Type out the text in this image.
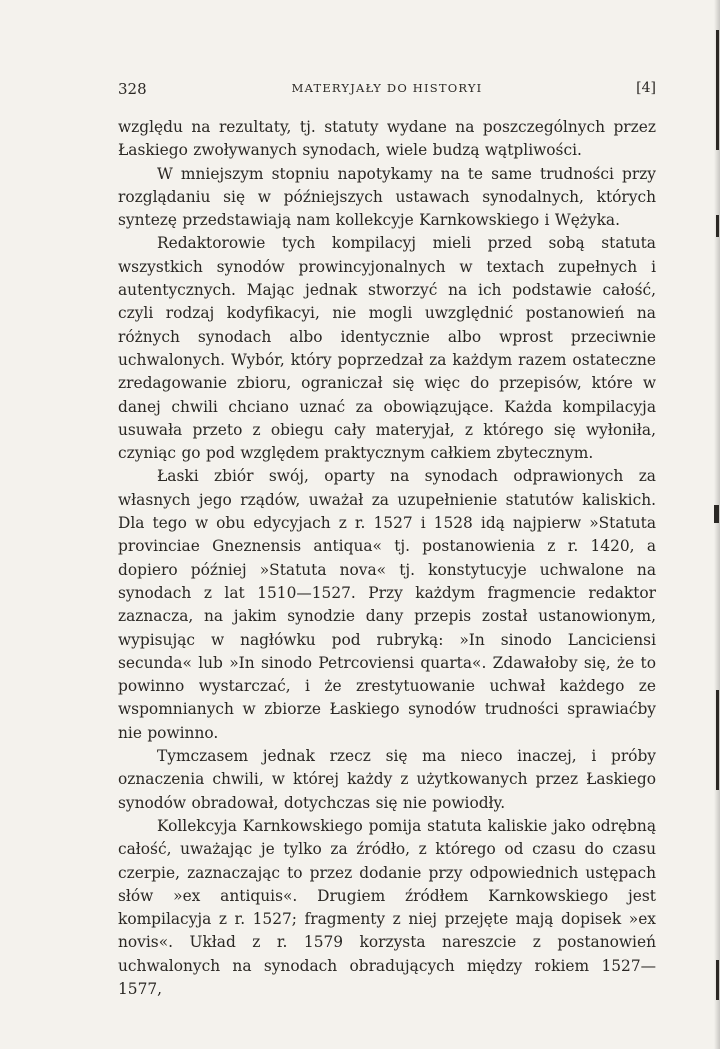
328	MATERYJAŁY DO HISTORYI	[4]

względu na rezultaty, tj. statuty wydane na poszczególnych przez Łaskiego zwoływanych synodach, wiele budzą wątpliwości.

W mniejszym stopniu napotykamy na te same trudności przy rozglądaniu się w późniejszych ustawach synodalnych, których syntezę przedstawiają nam kollekcyje Karnkowskiego i Wężyka.

Redaktorowie tych kompilacyj mieli przed sobą statuta wszystkich synodów prowincyjonalnych w textach zupełnych i autentycznych. Mając jednak stworzyć na ich podstawie całość, czyli rodzaj kodyfikacyi, nie mogli uwzględnić postanowień na różnych synodach albo identycznie albo wprost przeciwnie uchwalonych. Wybór, który poprzedzał za każdym razem ostateczne zredagowanie zbioru, ograniczał się więc do przepisów, które w danej chwili chciano uznać za obowiązujące. Każda kompilacyja usuwała przeto z obiegu cały materyjał, z którego się wyłoniła, czyniąc go pod względem praktycznym całkiem zbytecznym.

Łaski zbiór swój, oparty na synodach odprawionych za własnych jego rządów, uważał za uzupełnienie statutów kaliskich. Dla tego w obu edycyjach z r. 1527 i 1528 idą najpierw »Statuta provinciae Gneznensis antiqua« tj. postanowienia z r. 1420, a dopiero później »Statuta nova« tj. konstytucyje uchwalone na synodach z lat 1510—1527. Przy każdym fragmencie redaktor zaznacza, na jakim synodzie dany przepis został ustanowionym, wypisując w nagłówku pod rubryką: »In sinodo Lanciciensi secunda« lub »In sinodo Petrcoviensi quarta«. Zdawałoby się, że to powinno wystarczać, i że zrestytuowanie uchwał każdego ze wspomnianych w zbiorze Łaskiego synodów trudności sprawiaćby nie powinno.

Tymczasem jednak rzecz się ma nieco inaczej, i próby oznaczenia chwili, w której każdy z użytkowanych przez Łaskiego synodów obradował, dotychczas się nie powiodły.

Kollekcyja Karnkowskiego pomija statuta kaliskie jako odrębną całość, uważając je tylko za źródło, z którego od czasu do czasu czerpie, zaznaczając to przez dodanie przy odpowiednich ustępach słów »ex antiquis«. Drugiem źródłem Karnkowskiego jest kompilacyja z r. 1527; fragmenty z niej przejęte mają dopisek »ex novis«. Układ z r. 1579 korzysta nareszcie z postanowień uchwalonych na synodach obradujących między rokiem 1527—1577,
